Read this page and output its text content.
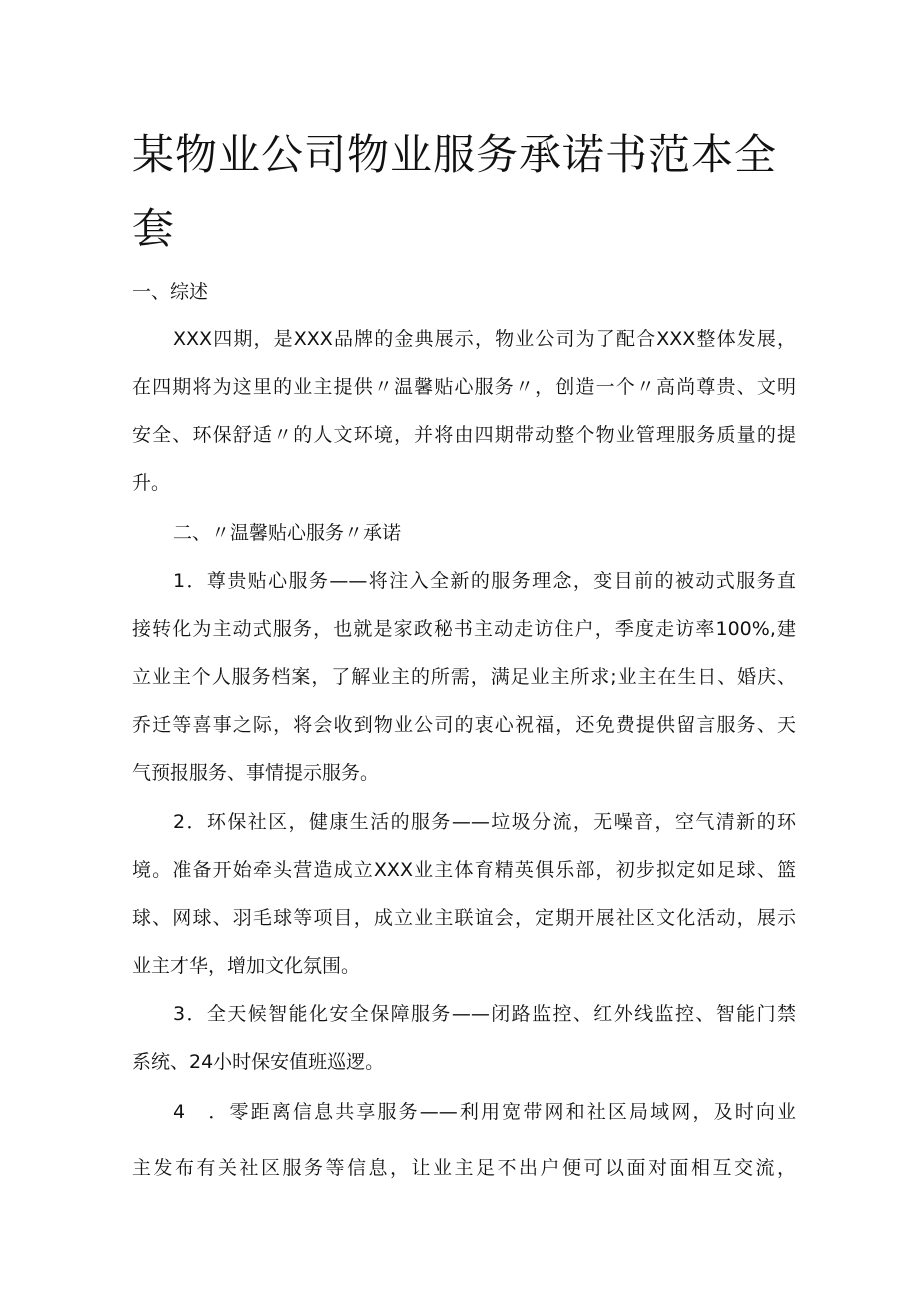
某物业公司物业服务承诺书范本全套

一、综述

XXX四期，是XXX品牌的金典展示，物业公司为了配合XXX整体发展，

在四期将为这里的业主提供〃温馨贴心服务〃，创造一个〃高尚尊贵、文明

安全、环保舒适〃的人文环境，并将由四期带动整个物业管理服务质量的提

升。

二、〃温馨贴心服务〃承诺

1．尊贵贴心服务——将注入全新的服务理念，变目前的被动式服务直

接转化为主动式服务，也就是家政秘书主动走访住户，季度走访率100%,建

立业主个人服务档案，了解业主的所需，满足业主所求;业主在生日、婚庆、

乔迁等喜事之际，将会收到物业公司的衷心祝福，还免费提供留言服务、天

气预报服务、事情提示服务。

2．环保社区，健康生活的服务——垃圾分流，无噪音，空气清新的环

境。准备开始牵头营造成立XXX业主体育精英俱乐部，初步拟定如足球、篮

球、网球、羽毛球等项目，成立业主联谊会，定期开展社区文化活动，展示

业主才华，增加文化氛围。

3．全天候智能化安全保障服务——闭路监控、红外线监控、智能门禁

系统、24小时保安值班巡逻。

4　．零距离信息共享服务——利用宽带网和社区局域网，及时向业

主发布有关社区服务等信息，让业主足不出户便可以面对面相互交流，
